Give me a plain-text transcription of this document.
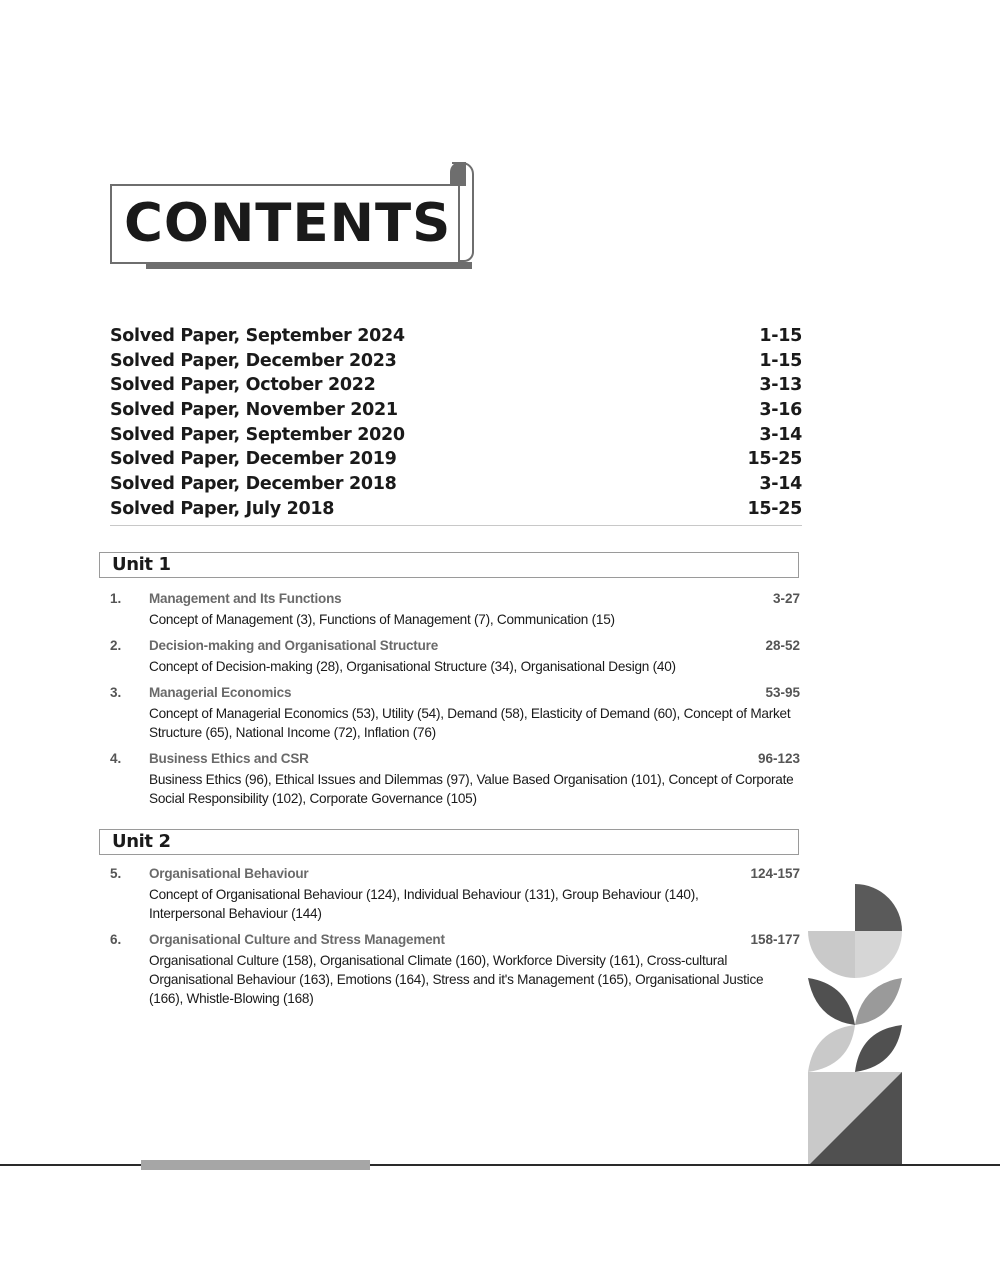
CONTENTS
Solved Paper, September 2024	1-15
Solved Paper, December 2023	1-15
Solved Paper, October 2022	3-13
Solved Paper, November 2021	3-16
Solved Paper, September 2020	3-14
Solved Paper, December 2019	15-25
Solved Paper, December 2018	3-14
Solved Paper, July 2018	15-25
Unit 1
1. Management and Its Functions	3-27
Concept of Management (3), Functions of Management (7), Communication (15)
2. Decision-making and Organisational Structure	28-52
Concept of Decision-making (28), Organisational Structure (34), Organisational Design (40)
3. Managerial Economics	53-95
Concept of Managerial Economics (53), Utility (54), Demand (58), Elasticity of Demand (60), Concept of Market Structure (65), National Income (72), Inflation (76)
4. Business Ethics and CSR	96-123
Business Ethics (96), Ethical Issues and Dilemmas (97), Value Based Organisation (101), Concept of Corporate Social Responsibility (102), Corporate Governance (105)
Unit 2
5. Organisational Behaviour	124-157
Concept of Organisational Behaviour (124), Individual Behaviour (131), Group Behaviour (140), Interpersonal Behaviour (144)
6. Organisational Culture and Stress Management	158-177
Organisational Culture (158), Organisational Climate (160), Workforce Diversity (161), Cross-cultural Organisational Behaviour (163), Emotions (164), Stress and it's Management (165), Organisational Justice (166), Whistle-Blowing (168)
